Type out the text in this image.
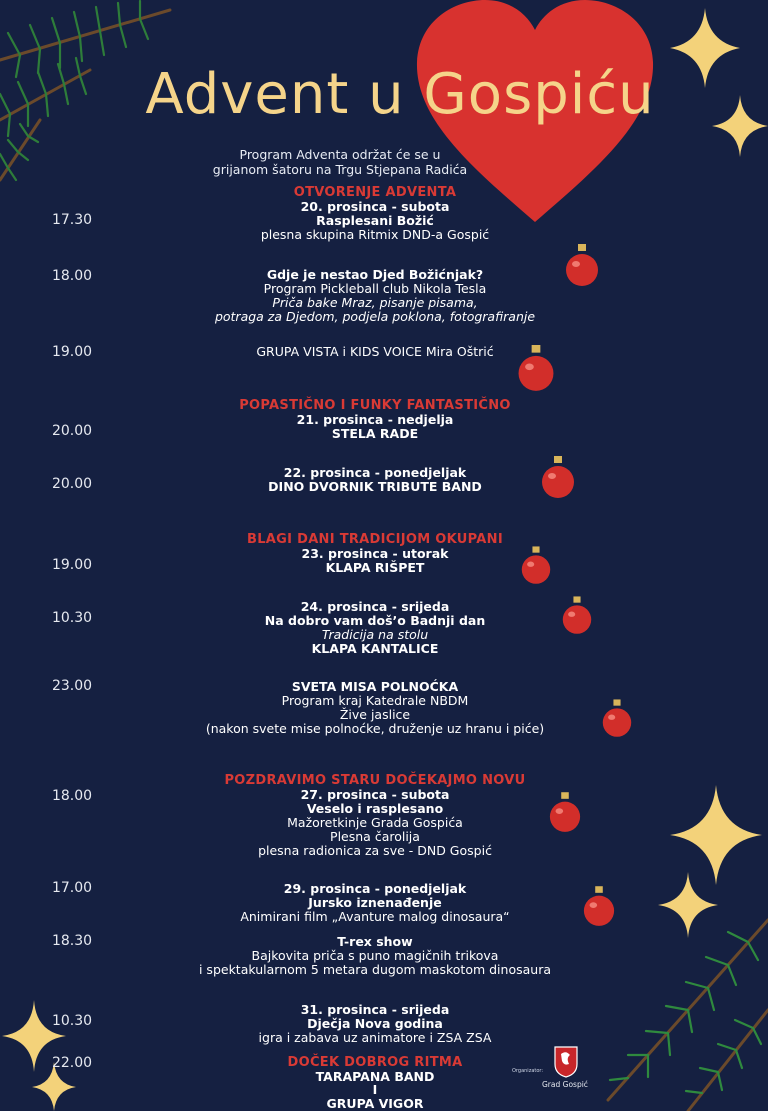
Advent u Gospiću
Program Adventa održat će se u
grijanom šatoru na Trgu Stjepana Radića
17.30
18.00
19.00
20.00
20.00
19.00
10.30
23.00
18.00
17.00
18.30
10.30
22.00
OTVORENJE ADVENTA
20. prosinca - subota
Rasplesani Božić
plesna skupina Ritmix DND-a Gospić
Gdje je nestao Djed Božićnjak?
Program Pickleball club Nikola Tesla
Priča bake Mraz, pisanje pisama,
potraga za Djedom, podjela poklona, fotografiranje
GRUPA VISTA i KIDS VOICE Mira Oštrić
POPASTIČNO I FUNKY FANTASTIČNO
21. prosinca - nedjelja
STELA RADE
22. prosinca - ponedjeljak
DINO DVORNIK TRIBUTE BAND
BLAGI DANI TRADICIJOM OKUPANI
23. prosinca - utorak
KLAPA RIŠPET
24. prosinca - srijeda
Na dobro vam došʼo Badnji dan
Tradicija na stolu
KLAPA KANTALICE
SVETA MISA POLNOĆKA
Program kraj Katedrale NBDM
Žive jaslice
(nakon svete mise polnoćke, druženje uz hranu i piće)
POZDRAVIMO STARU DOČEKAJMO NOVU
27. prosinca - subota
Veselo i rasplesano
Mažoretkinje Grada Gospića
Plesna čarolija
plesna radionica za sve - DND Gospić
29. prosinca - ponedjeljak
Jursko iznenađenje
Animirani film „Avanture malog dinosaura“
T-rex show
Bajkovita priča s puno magičnih trikova
i spektakularnom 5 metara dugom maskotom dinosaura
31. prosinca - srijeda
Dječja Nova godina
igra i zabava uz animatore i ZSA ZSA
DOČEK DOBROG RITMA
TARAPANA BAND
I
GRUPA VIGOR
Organizator:
Grad Gospić
